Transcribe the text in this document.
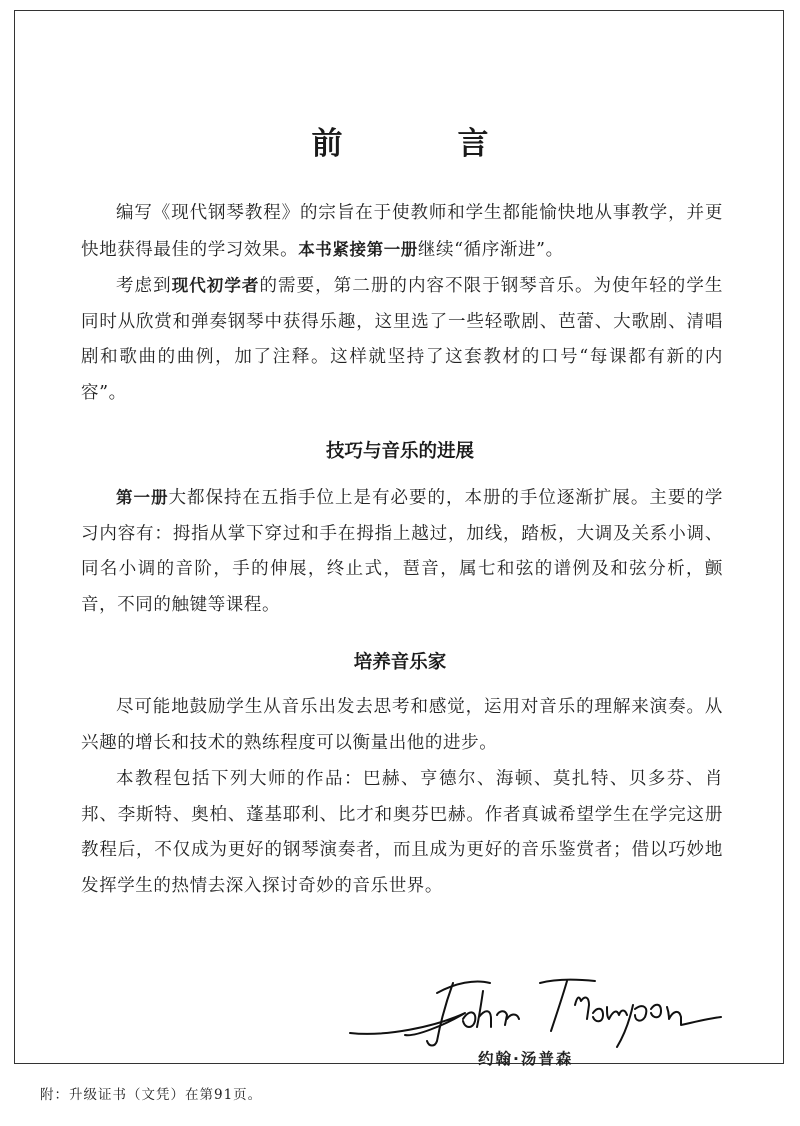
前　言

编写《现代钢琴教程》的宗旨在于使教师和学生都能愉快地从事教学，并更快地获得最佳的学习效果。本书紧接第一册继续“循序渐进”。

考虑到现代初学者的需要，第二册的内容不限于钢琴音乐。为使年轻的学生同时从欣赏和弹奏钢琴中获得乐趣，这里选了一些轻歌剧、芭蕾、大歌剧、清唱剧和歌曲的曲例，加了注释。这样就坚持了这套教材的口号“每课都有新的内容”。

技巧与音乐的进展

第一册大都保持在五指手位上是有必要的，本册的手位逐渐扩展。主要的学习内容有：拇指从掌下穿过和手在拇指上越过，加线，踏板，大调及关系小调、同名小调的音阶，手的伸展，终止式，琶音，属七和弦的谱例及和弦分析，颤音，不同的触键等课程。

培养音乐家

尽可能地鼓励学生从音乐出发去思考和感觉，运用对音乐的理解来演奏。从兴趣的增长和技术的熟练程度可以衡量出他的进步。

本教程包括下列大师的作品：巴赫、亨德尔、海顿、莫扎特、贝多芬、肖邦、李斯特、奥柏、蓬基耶利、比才和奥芬巴赫。作者真诚希望学生在学完这册教程后，不仅成为更好的钢琴演奏者，而且成为更好的音乐鉴赏者；借以巧妙地发挥学生的热情去深入探讨奇妙的音乐世界。

约翰·汤普森
附：升级证书（文凭）在第91页。
